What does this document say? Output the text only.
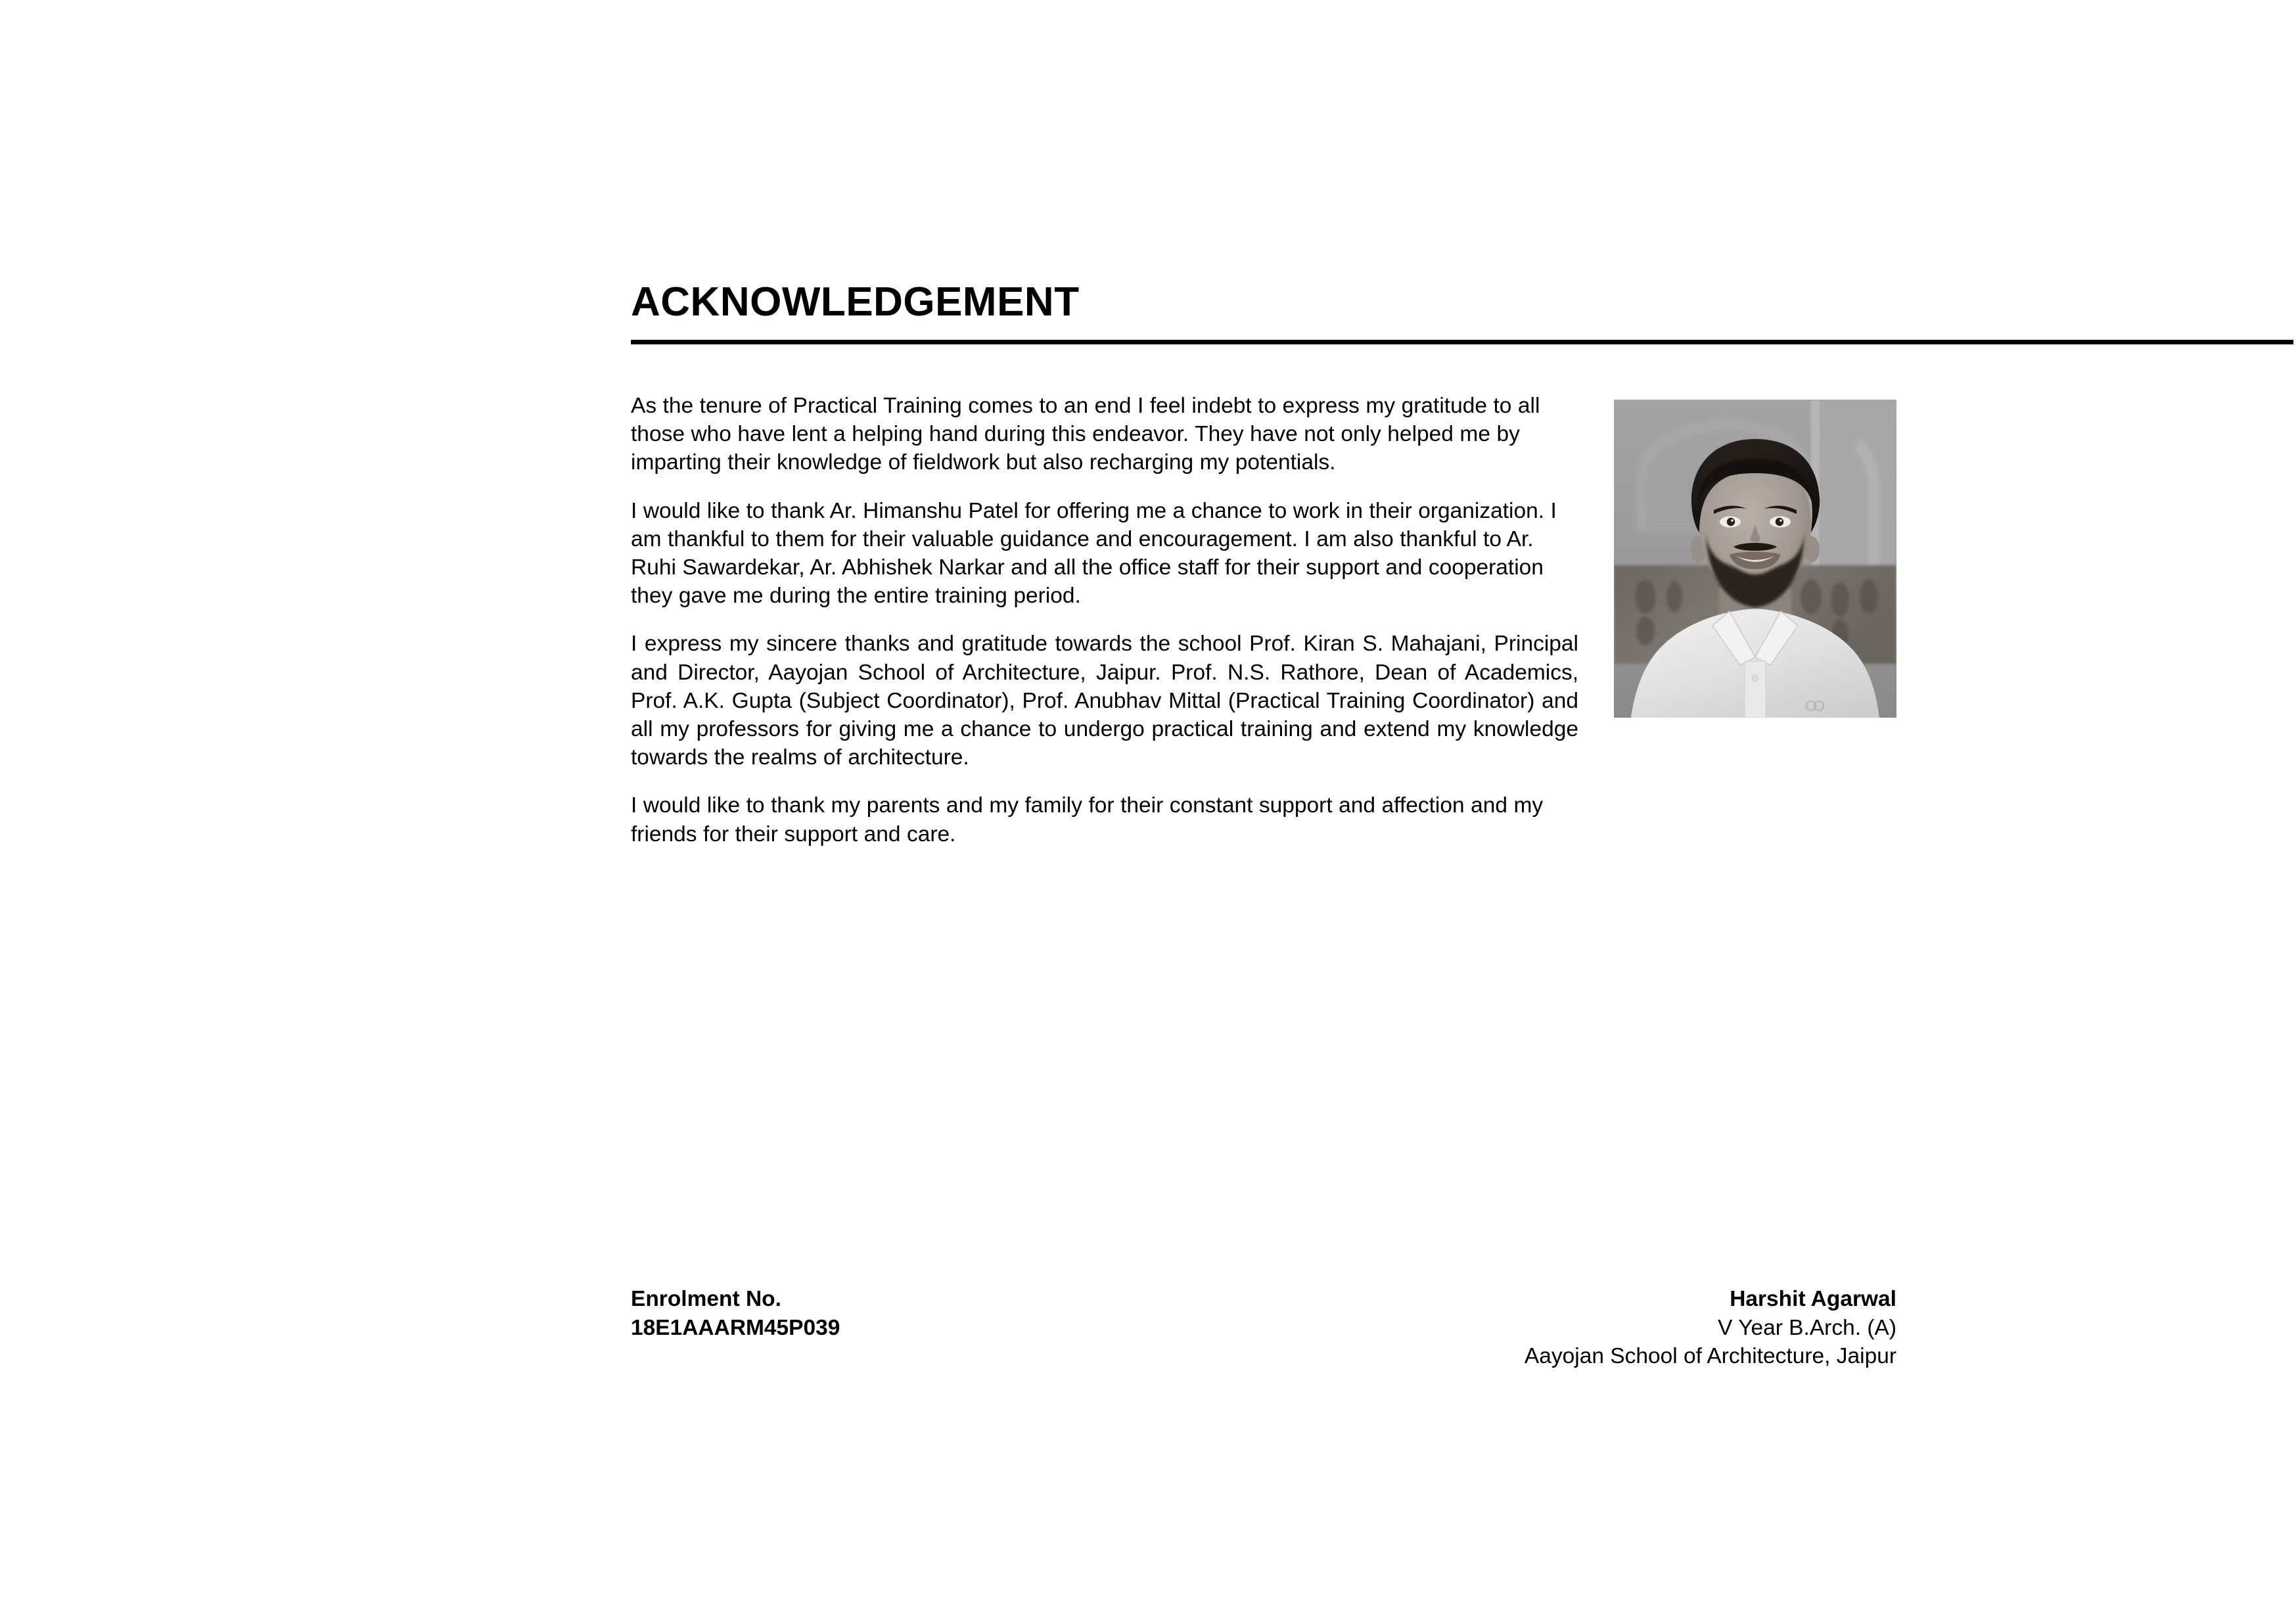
ACKNOWLEDGEMENT

As the tenure of Practical Training comes to an end I feel indebt to express my gratitude to all those who have lent a helping hand during this endeavor. They have not only helped me by imparting their knowledge of fieldwork but also recharging my potentials.

I would like to thank Ar. Himanshu Patel for offering me a chance to work in their organization. I am thankful to them for their valuable guidance and encouragement. I am also thankful to Ar. Ruhi Sawardekar, Ar. Abhishek Narkar and all the office staff for their support and cooperation they gave me during the entire training period.

I express my sincere thanks and gratitude towards the school Prof. Kiran S. Mahajani, Principal and Director, Aayojan School of Architecture, Jaipur. Prof. N.S. Rathore, Dean of Academics, Prof. A.K. Gupta (Subject Coordinator), Prof. Anubhav Mittal (Practical Training Coordinator) and all my professors for giving me a chance to undergo practical training and extend my knowledge towards the realms of architecture.

I would like to thank my parents and my family for their constant support and affection and my friends for their support and care.

Enrolment No.
18E1AAARM45P039
Harshit Agarwal
V Year B.Arch. (A)
Aayojan School of Architecture, Jaipur
